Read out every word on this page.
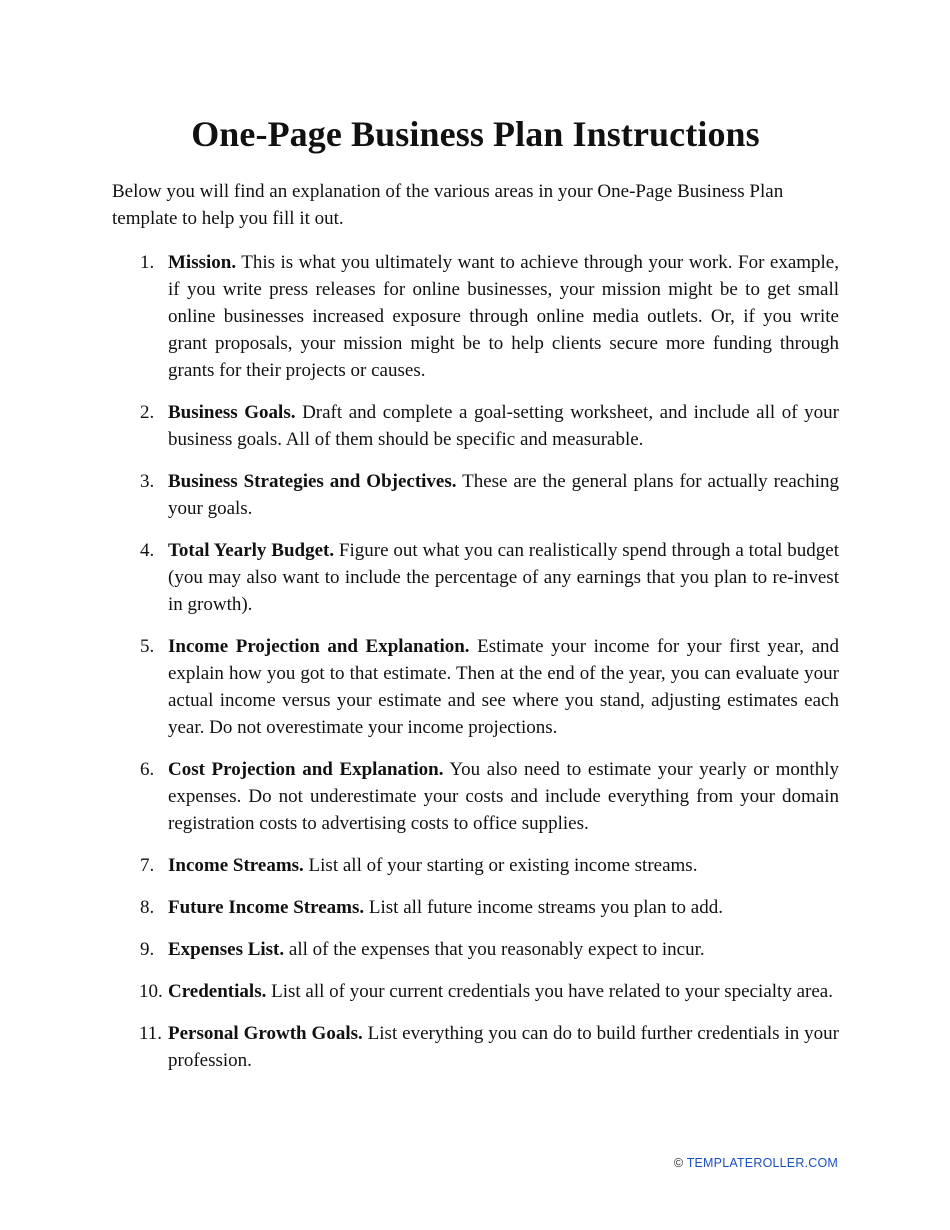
One-Page Business Plan Instructions

Below you will find an explanation of the various areas in your One-Page Business Plan template to help you fill it out.

1. Mission. This is what you ultimately want to achieve through your work. For example, if you write press releases for online businesses, your mission might be to get small online businesses increased exposure through online media outlets. Or, if you write grant proposals, your mission might be to help clients secure more funding through grants for their projects or causes.
2. Business Goals. Draft and complete a goal-setting worksheet, and include all of your business goals. All of them should be specific and measurable.
3. Business Strategies and Objectives. These are the general plans for actually reaching your goals.
4. Total Yearly Budget. Figure out what you can realistically spend through a total budget (you may also want to include the percentage of any earnings that you plan to re-invest in growth).
5. Income Projection and Explanation. Estimate your income for your first year, and explain how you got to that estimate. Then at the end of the year, you can evaluate your actual income versus your estimate and see where you stand, adjusting estimates each year. Do not overestimate your income projections.
6. Cost Projection and Explanation. You also need to estimate your yearly or monthly expenses. Do not underestimate your costs and include everything from your domain registration costs to advertising costs to office supplies.
7. Income Streams. List all of your starting or existing income streams.
8. Future Income Streams. List all future income streams you plan to add.
9. Expenses List. all of the expenses that you reasonably expect to incur.
10. Credentials. List all of your current credentials you have related to your specialty area.
11. Personal Growth Goals. List everything you can do to build further credentials in your profession.
© TEMPLATEROLLER.COM
